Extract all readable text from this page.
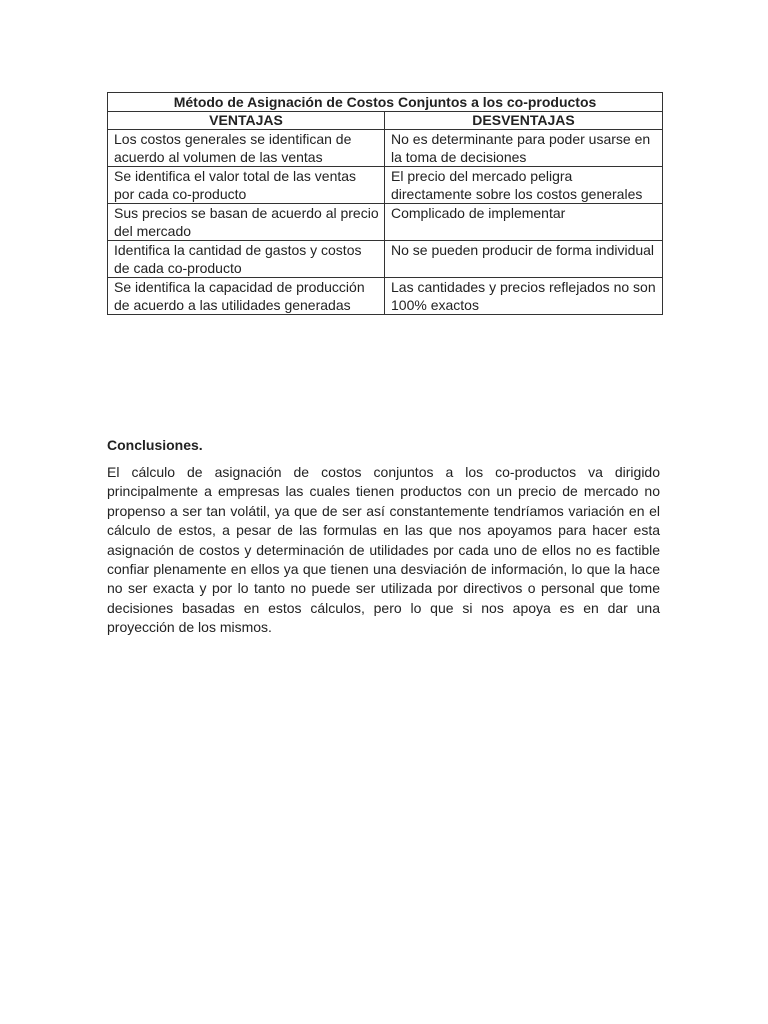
Método de Asignación de Costos Conjuntos a los co-productos	
VENTAJAS	DESVENTAJAS
Los costos generales se identifican de acuerdo al volumen de las ventas	No es determinante para poder usarse en la toma de decisiones
Se identifica el valor total de las ventas por cada co-producto	El precio del mercado peligra directamente sobre los costos generales
Sus precios se basan de acuerdo al precio del mercado	Complicado de implementar
Identifica la cantidad de gastos y costos de cada co-producto	No se pueden producir de forma individual
Se identifica la capacidad de producción de acuerdo a las utilidades generadas	Las cantidades y precios reflejados no son 100% exactos
Conclusiones.

El cálculo de asignación de costos conjuntos a los co-productos va dirigido principalmente a empresas las cuales tienen productos con un precio de mercado no propenso a ser tan volátil, ya que de ser así constantemente tendríamos variación en el cálculo de estos, a pesar de las formulas en las que nos apoyamos para hacer esta asignación de costos y determinación de utilidades por cada uno de ellos no es factible confiar plenamente en ellos ya que tienen una desviación de información, lo que la hace no ser exacta y por lo tanto no puede ser utilizada por directivos o personal que tome decisiones basadas en estos cálculos, pero lo que si nos apoya es en dar una proyección de los mismos.
